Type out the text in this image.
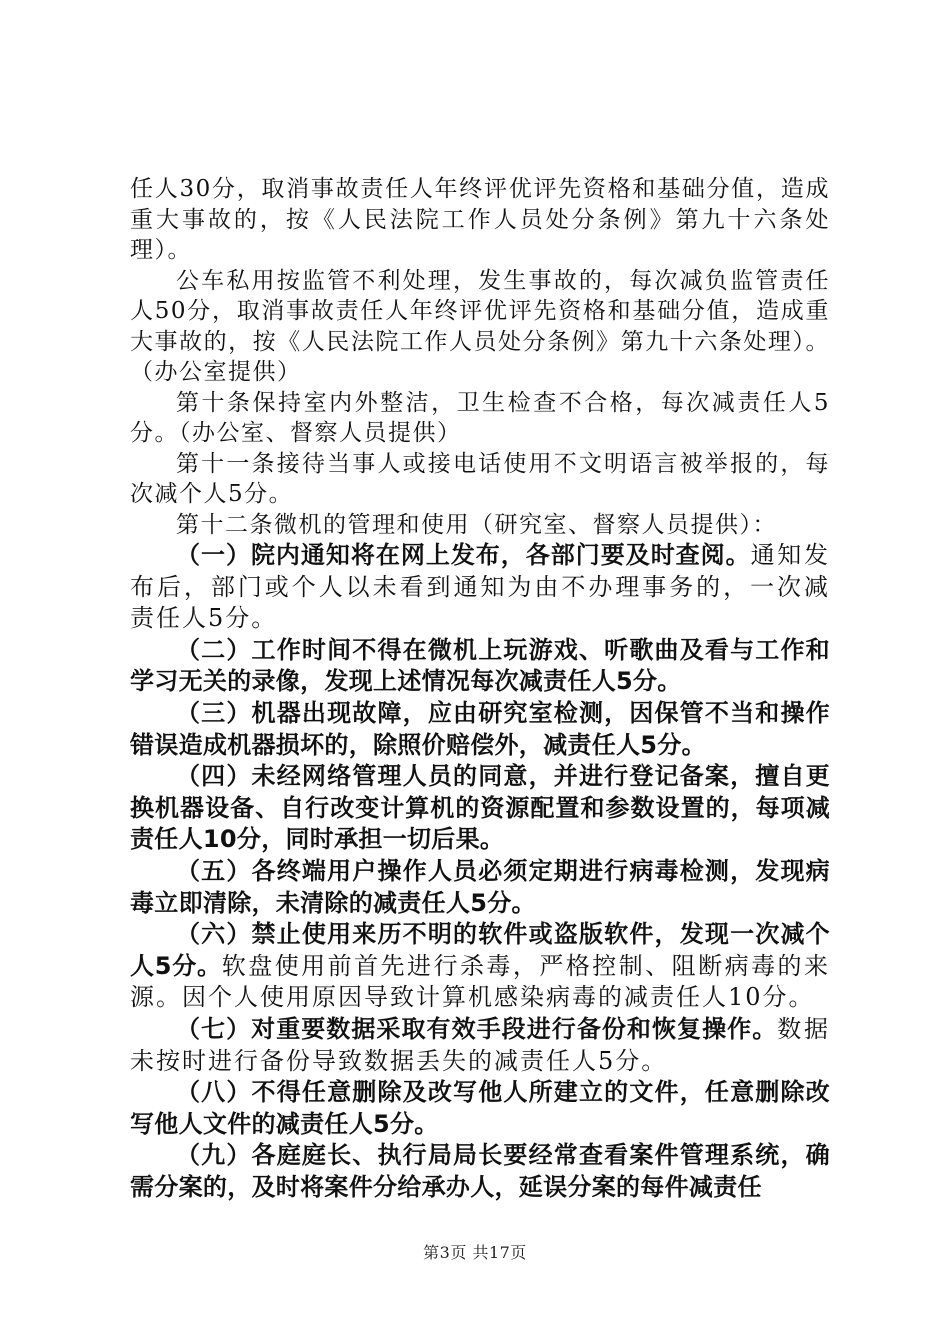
任人30分，取消事故责任人年终评优评先资格和基础分值，造成重大事故的，按《人民法院工作人员处分条例》第九十六条处理）。

公车私用按监管不利处理，发生事故的，每次减负监管责任人50分，取消事故责任人年终评优评先资格和基础分值，造成重大事故的，按《人民法院工作人员处分条例》第九十六条处理）。（办公室提供）

第十条保持室内外整洁，卫生检查不合格，每次减责任人5分。（办公室、督察人员提供）

第十一条接待当事人或接电话使用不文明语言被举报的，每次减个人5分。

第十二条微机的管理和使用（研究室、督察人员提供）：

（一）院内通知将在网上发布，各部门要及时查阅。通知发布后，部门或个人以未看到通知为由不办理事务的，一次减责任人5分。

（二）工作时间不得在微机上玩游戏、听歌曲及看与工作和学习无关的录像，发现上述情况每次减责任人5分。

（三）机器出现故障，应由研究室检测，因保管不当和操作错误造成机器损坏的，除照价赔偿外，减责任人5分。

（四）未经网络管理人员的同意，并进行登记备案，擅自更换机器设备、自行改变计算机的资源配置和参数设置的，每项减责任人10分，同时承担一切后果。

（五）各终端用户操作人员必须定期进行病毒检测，发现病毒立即清除，未清除的减责任人5分。

（六）禁止使用来历不明的软件或盗版软件，发现一次减个人5分。软盘使用前首先进行杀毒，严格控制、阻断病毒的来源。因个人使用原因导致计算机感染病毒的减责任人10分。

（七）对重要数据采取有效手段进行备份和恢复操作。数据未按时进行备份导致数据丢失的减责任人5分。

（八）不得任意删除及改写他人所建立的文件，任意删除改写他人文件的减责任人5分。

（九）各庭庭长、执行局局长要经常查看案件管理系统，确需分案的，及时将案件分给承办人，延误分案的每件减责任

第3页 共17页
